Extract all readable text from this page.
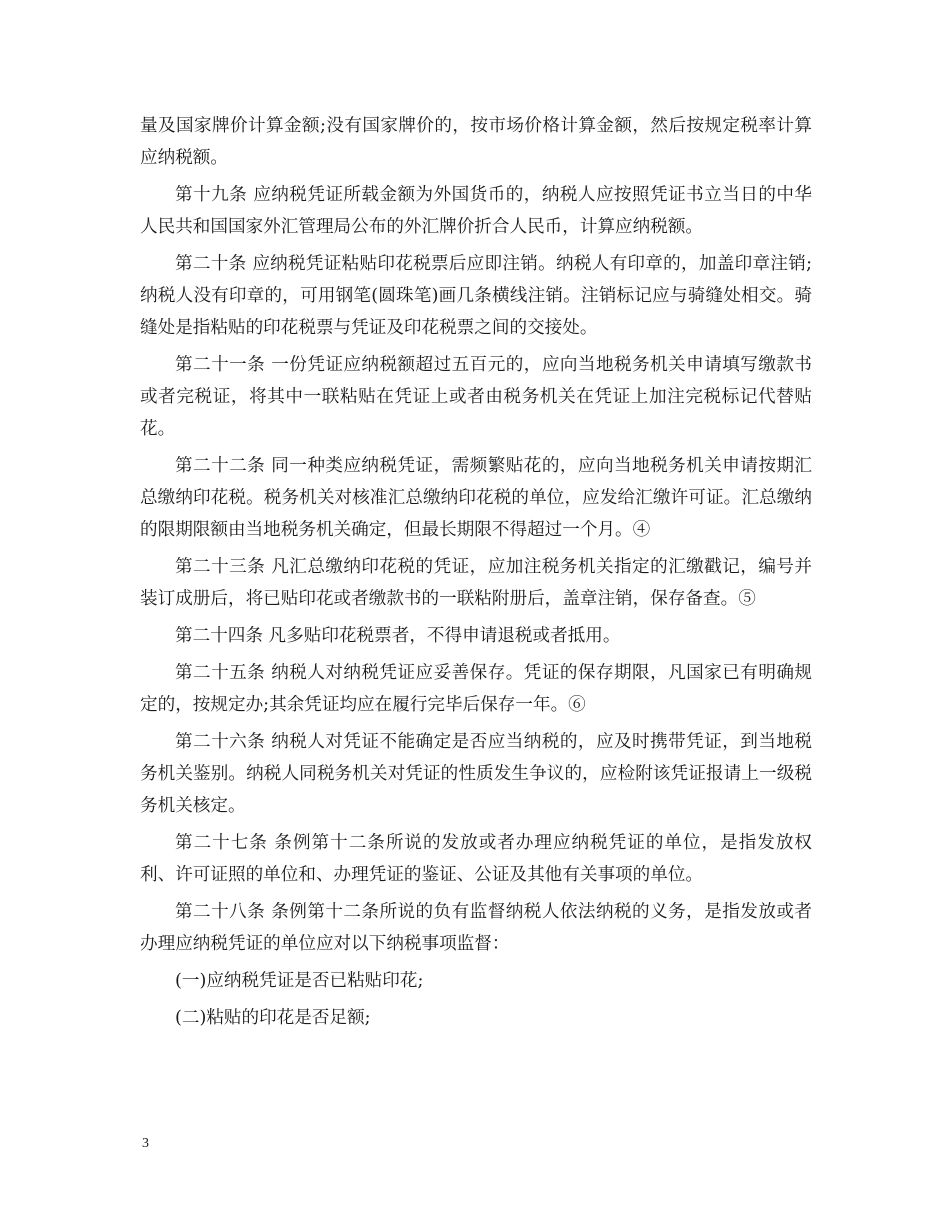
量及国家牌价计算金额;没有国家牌价的，按市场价格计算金额，然后按规定税率计算应纳税额。

第十九条 应纳税凭证所载金额为外国货币的，纳税人应按照凭证书立当日的中华人民共和国国家外汇管理局公布的外汇牌价折合人民币，计算应纳税额。

第二十条 应纳税凭证粘贴印花税票后应即注销。纳税人有印章的，加盖印章注销;纳税人没有印章的，可用钢笔(圆珠笔)画几条横线注销。注销标记应与骑缝处相交。骑缝处是指粘贴的印花税票与凭证及印花税票之间的交接处。

第二十一条 一份凭证应纳税额超过五百元的，应向当地税务机关申请填写缴款书或者完税证，将其中一联粘贴在凭证上或者由税务机关在凭证上加注完税标记代替贴花。

第二十二条 同一种类应纳税凭证，需频繁贴花的，应向当地税务机关申请按期汇总缴纳印花税。税务机关对核准汇总缴纳印花税的单位，应发给汇缴许可证。汇总缴纳的限期限额由当地税务机关确定，但最长期限不得超过一个月。④

第二十三条 凡汇总缴纳印花税的凭证，应加注税务机关指定的汇缴戳记，编号并装订成册后，将已贴印花或者缴款书的一联粘附册后，盖章注销，保存备查。⑤

第二十四条 凡多贴印花税票者，不得申请退税或者抵用。

第二十五条 纳税人对纳税凭证应妥善保存。凭证的保存期限，凡国家已有明确规定的，按规定办;其余凭证均应在履行完毕后保存一年。⑥

第二十六条 纳税人对凭证不能确定是否应当纳税的，应及时携带凭证，到当地税务机关鉴别。纳税人同税务机关对凭证的性质发生争议的，应检附该凭证报请上一级税务机关核定。

第二十七条 条例第十二条所说的发放或者办理应纳税凭证的单位，是指发放权利、许可证照的单位和、办理凭证的鉴证、公证及其他有关事项的单位。

第二十八条 条例第十二条所说的负有监督纳税人依法纳税的义务，是指发放或者办理应纳税凭证的单位应对以下纳税事项监督：

(一)应纳税凭证是否已粘贴印花;

(二)粘贴的印花是否足额;

3
